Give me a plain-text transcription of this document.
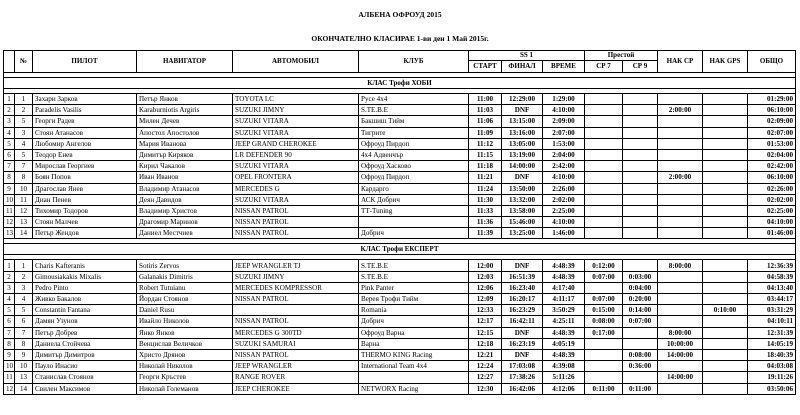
АЛБЕНА ОФРОУД 2015
ОКОНЧАТЕЛНО КЛАСИРАЕ 1-ви ден 1 Май 2015г.
	№	ПИЛОТ	НАВИГАТОР	АВТОМОБИЛ	КЛУБ	SS 1			Престой		НАК СР	НАК GPS	ОБЩО
						СТАРТ	ФИНАЛ	ВРЕМЕ	СР 7	СР 9			

КЛАС Трофи ХОБИ													

1	1	Захари Зарков	Петър Янков	TOYOTA LC	Русе 4х4	11:00	12:29:00	1:29:00					01:29:00
2	2	Paradelis Vasilis	Karaburniotis Argiris	SUZUKI JIMNY	S.TE.B.E	11:03	DNF	4:10:00			2:00:00		06:10:00
3	5	Георги Радев	Милен Дечев	SUZUKI VITARA	Бакшиш Тийм	11:06	13:15:00	2:09:00					02:09:00
4	3	Стоян Атанасов	Апостол Апостолов	SUZUKI VITARA	Тигрите	11:09	13:16:00	2:07:00					02:07:00
5	4	Любомир Ангелов	Мария Иванова	JEEP GRAND CHEROKEE	Офроуд Пирдоп	11:12	13:05:00	1:53:00					01:53:00
6	5	Теодор Енев	Димитър Киряков	LR DEFENDER 90	4х4 Адвенчър	11:15	13:19:00	2:04:00					02:04:00
7	7	Мирослав Георгиев	Кирил Чакалов	SUZUKI VITARA	Офроуд Хасково	11:18	14:00:00	2:42:00					02:42:00
8	8	Боян Попов	Иван Иванов	OPEL FRONTERA	Офроуд Пирдоп	11:21	DNF	4:10:00			2:00:00		06:10:00
9	10	Драгослав Янев	Владимир Атанасов	MERCEDES G	Кардарго	11:24	13:50:00	2:26:00					02:26:00
10	11	Диан Пенев	Деян Давидов	SUZUKI VITARA	АСК Добрич	11:30	13:32:00	2:02:00					02:02:00
11	12	Тихомир Тодоров	Владимир Христов	NISSAN PATROL	ТТ-Tuning	11:33	13:58:00	2:25:00					02:25:00
12	13	Стоян Малчев	Драгомир Маринов	NISSAN PATROL		11:36	15:46:00	4:10:00					04:10:00
13	14	Петър Жендов	Даниел Местчиев	NISSAN PATROL	Добрич	11:39	13:25:00	1:46:00					01:46:00

КЛАС Трофи ЕКСПЕРТ													

1	1	Charis Kafteranis	Sotiris Zervos	JEEP WRANGLER TJ	S.TE.B.E	12:00	DNF	4:48:39	0:12:00		8:00:00		12:36:39
2	2	Gimousiakakis Mixalis	Galanakis Dimitris	SUZUKI JIMNY	S.TE.B.E	12:03	16:51:39	4:48:39	0:07:00	0:03:00			04:58:39
3	3	Pedro Pinto	Robert Tutuianu	MERCEDES KOMPRESSOR	Pink Panter	12:06	16:23:40	4:17:40		0:04:00			04:13:40
4	4	Живко Бакалов	Йордан Стоянов	NISSAN PATROL	Верея Трофи Тийм	12:09	16:20:17	4:11:17	0:07:00	0:20:00			03:44:17
5	5	Constantin Fantana	Daniel Rusu		Romania	12:33	16:23:29	3:50:29	0:15:00	0:14:00		0:10:00	03:31:29
6	6	Дамян Узунов	Ивайло Николов	NISSAN PATROL	Добрич	12:17	16:42:11	4:25:11	0:08:00	0:07:00			04:10:11
7	7	Петър Добрев	Янко Янков	MERCEDES G 300TD	Офроуд Варна	12:15	DNF	4:48:39	0:17:00		8:00:00		12:31:39
8	8	Даниела Стойчева	Венцислав Величков	SUZUKI SAMURAI	Варна	12:18	16:23:19	4:05:19			10:00:00		14:05:19
9	9	Димитър Димитров	Христо Дрянов	NISSAN PATROL	THERMO KING Racing	12:21	DNF	4:48:39		0:08:00	14:00:00		18:40:39
10	10	Пауло Инасио	Николай Николов	JEEP WRANGLER	International Team 4х4	12:24	17:03:08	4:39:08		0:36:00			04:03:08
11	13	Станислав Стоянов	Георги Кръстев	RANGE ROVER		12:27	17:38:26	5:11:26			14:00:00		19:11:26
12	14	Свилен Максимов	Николай Големанов	JEEP CHEROKEE	NETWORX Racing	12:30	16:42:06	4:12:06	0:11:00	0:11:00			03:50:06
